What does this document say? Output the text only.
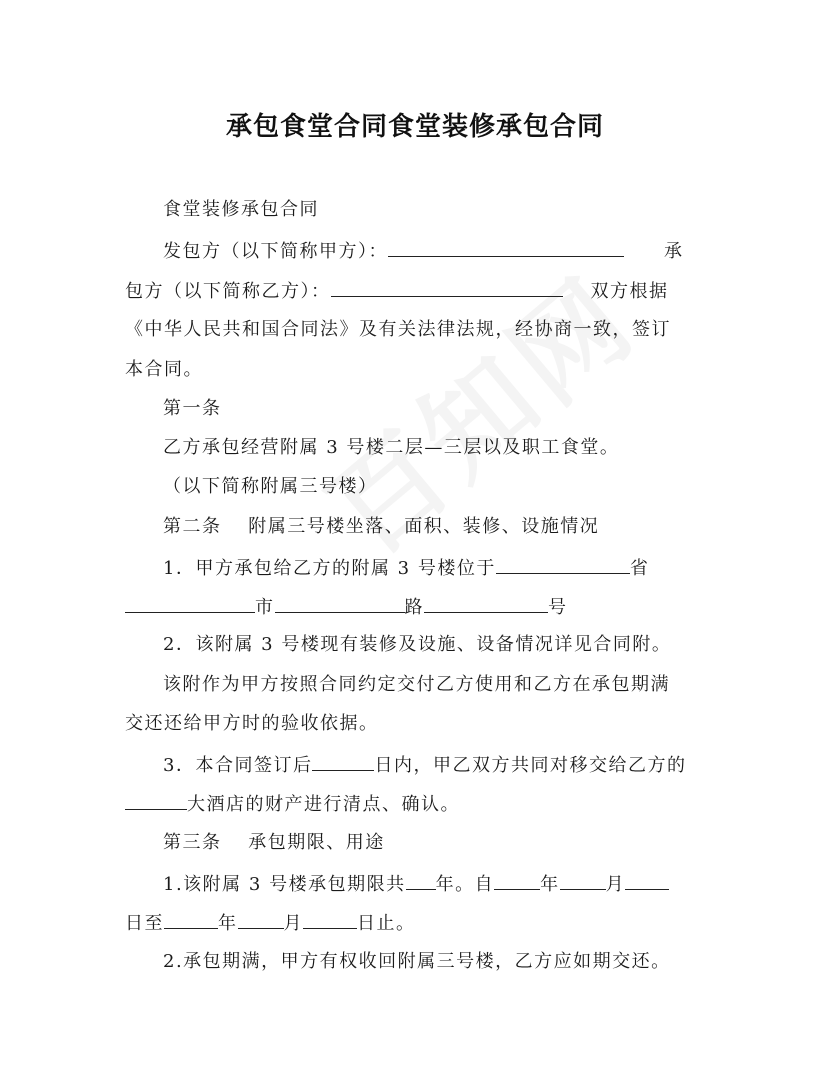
承包食堂合同食堂装修承包合同
食堂装修承包合同
发包方（以下简称甲方）：	承
包方（以下简称乙方）：	双方根据
《中华人民共和国合同法》及有关法律法规，经协商一致，签订
本合同。
第一条
乙方承包经营附属 3 号楼二层—三层以及职工食堂。
（以下简称附属三号楼）
第二条　 附属三号楼坐落、面积、装修、设施情况
1．甲方承包给乙方的附属 3 号楼位于	省
市	路	号
2．该附属 3 号楼现有装修及设施、设备情况详见合同附。
该附作为甲方按照合同约定交付乙方使用和乙方在承包期满
交还还给甲方时的验收依据。
3．本合同签订后	日内，甲乙双方共同对移交给乙方的
大酒店的财产进行清点、确认。
第三条　 承包期限、用途
1.该附属 3 号楼承包期限共 年。自	年	月
日至	年	月	日止。
2.承包期满，甲方有权收回附属三号楼，乙方应如期交还。
